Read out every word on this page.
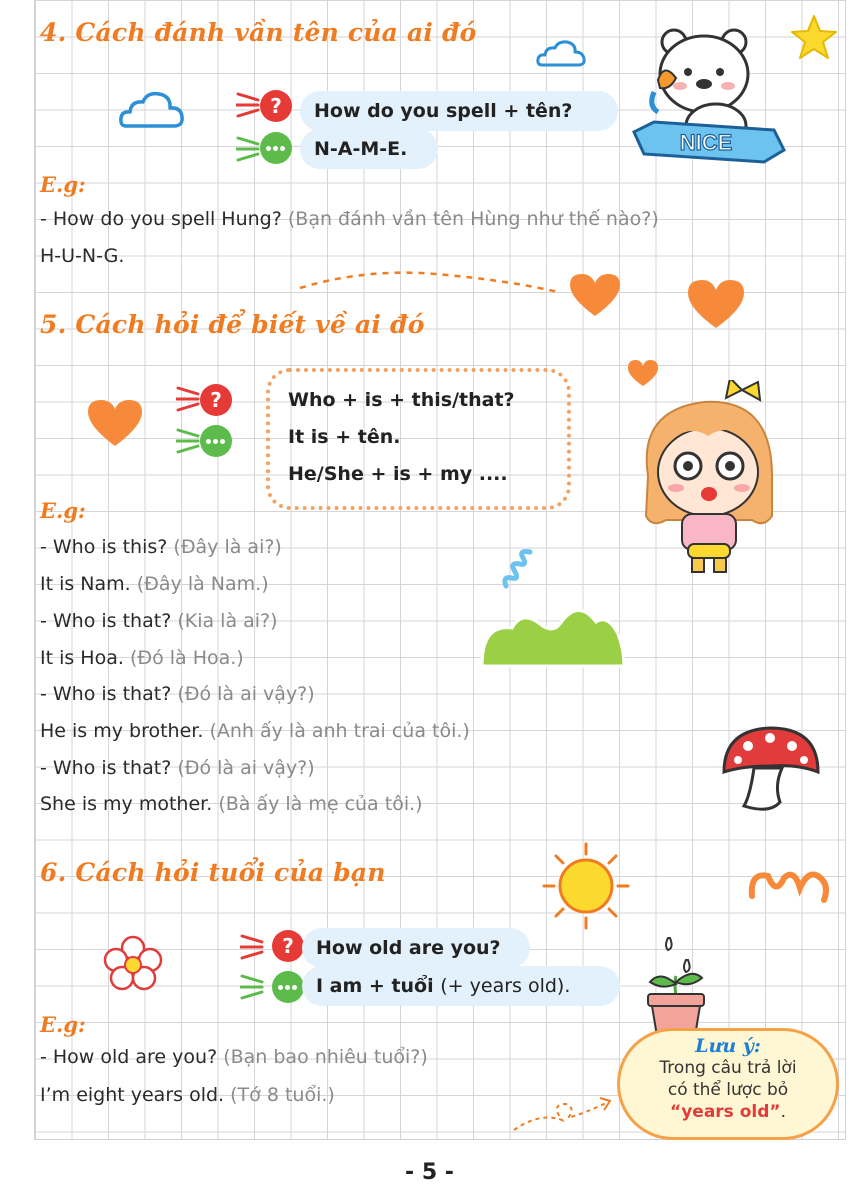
4. Cách đánh vần tên của ai đó
?	How do you spell + tên?
N-A-M-E.	NICE
E.g:
- How do you spell Hung? (Bạn đánh vần tên Hùng như thế nào?)
H-U-N-G.
5. Cách hỏi để biết về ai đó
?	Who + is + this/that?
It is + tên.
He/She + is + my ....
E.g:
- Who is this? (Đây là ai?)
It is Nam. (Đây là Nam.)
- Who is that? (Kia là ai?)
It is Hoa. (Đó là Hoa.)
- Who is that? (Đó là ai vậy?)
He is my brother. (Anh ấy là anh trai của tôi.)
- Who is that? (Đó là ai vậy?)
She is my mother. (Bà ấy là mẹ của tôi.)
6. Cách hỏi tuổi của bạn
?	How old are you?
I am + tuổi (+ years old).
E.g:
- How old are you? (Bạn bao nhiêu tuổi?)
I’m eight years old. (Tớ 8 tuổi.)
Lưu ý:
Trong câu trả lời
có thể lược bỏ
“years old”.
- 5 -
